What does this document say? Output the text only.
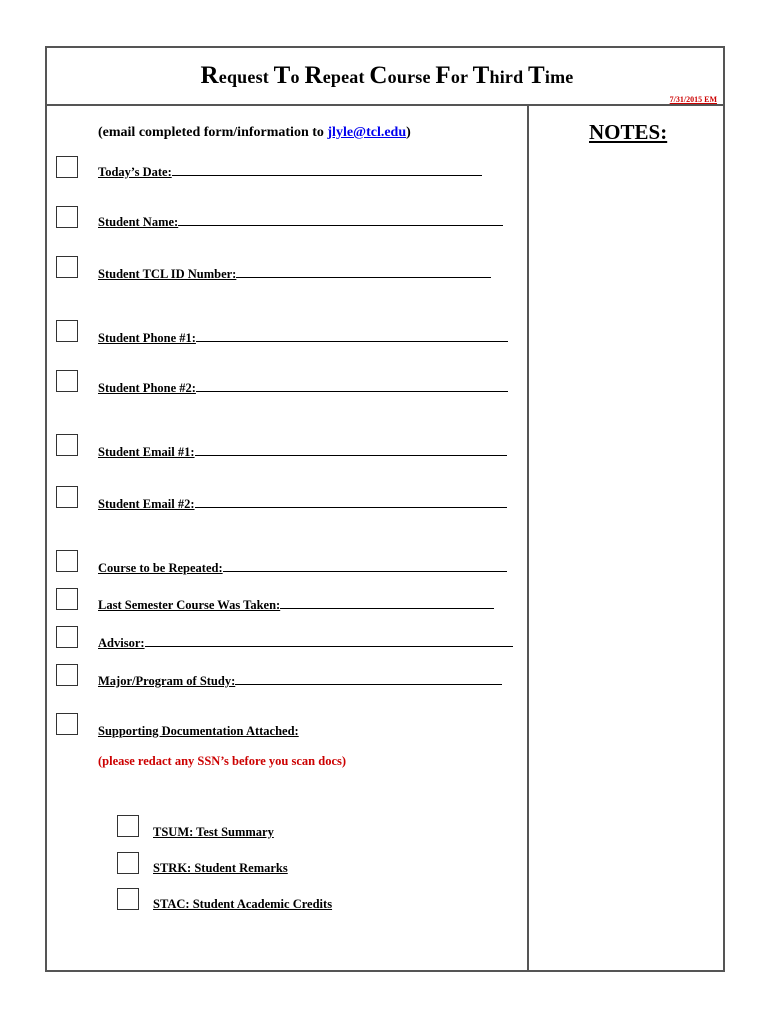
Request To Repeat Course For Third Time
7/31/2015 EM
NOTES:
(email completed form/information to jlyle@tcl.edu)
Today’s Date:
Student Name:
Student TCL ID Number:
Student Phone #1:
Student Phone #2:
Student Email #1:
Student Email #2:
Course to be Repeated:
Last Semester Course Was Taken:
Advisor:
Major/Program of Study:
Supporting Documentation Attached:
(please redact any SSN’s before you scan docs)
TSUM: Test Summary
STRK: Student Remarks
STAC: Student Academic Credits
